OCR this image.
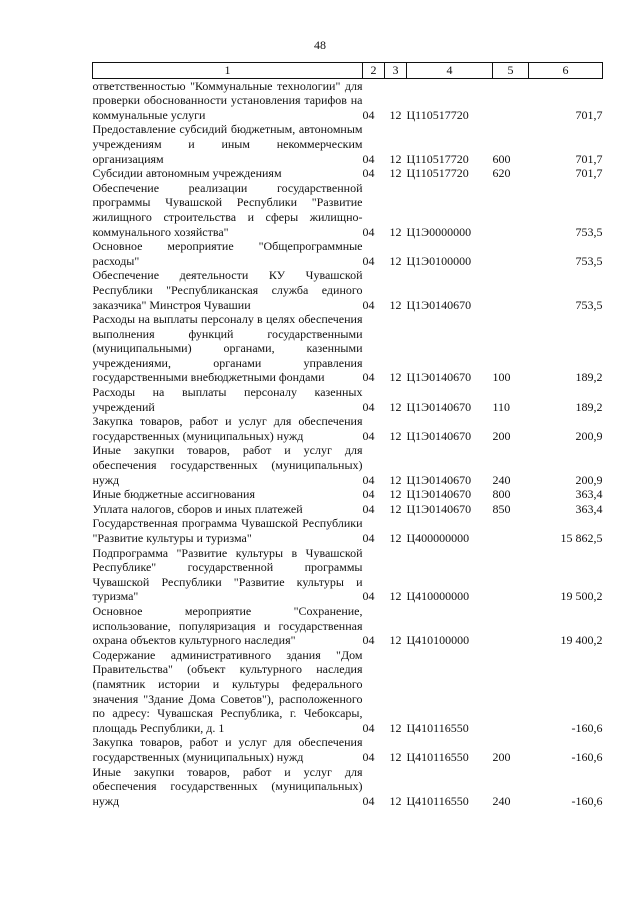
48
1	2	3	4	5	6
ответственностью "Коммунальные технологии" для проверки обоснованности установления тарифов на коммунальные услуги	04	12	Ц110517720		701,7
Предоставление субсидий бюджетным, автономным учреждениям и иным некоммерческим организациям	04	12	Ц110517720	600	701,7
Субсидии автономным учреждениям	04	12	Ц110517720	620	701,7
Обеспечение реализации государственной программы Чувашской Республики "Развитие жилищного строительства и сферы жилищно-коммунального хозяйства"	04	12	Ц1Э0000000		753,5
Основное мероприятие "Общепрограммные расходы"	04	12	Ц1Э0100000		753,5
Обеспечение деятельности КУ Чувашской Республики "Республиканская служба единого заказчика" Минстроя Чувашии	04	12	Ц1Э0140670		753,5
Расходы на выплаты персоналу в целях обеспечения выполнения функций государственными (муниципальными) органами, казенными учреждениями, органами управления государственными внебюджетными фондами	04	12	Ц1Э0140670	100	189,2
Расходы на выплаты персоналу казенных учреждений	04	12	Ц1Э0140670	110	189,2
Закупка товаров, работ и услуг для обеспечения государственных (муниципальных) нужд	04	12	Ц1Э0140670	200	200,9
Иные закупки товаров, работ и услуг для обеспечения государственных (муниципальных) нужд	04	12	Ц1Э0140670	240	200,9
Иные бюджетные ассигнования	04	12	Ц1Э0140670	800	363,4
Уплата налогов, сборов и иных платежей	04	12	Ц1Э0140670	850	363,4
Государственная программа Чувашской Республики "Развитие культуры и туризма"	04	12	Ц400000000		15 862,5
Подпрограмма "Развитие культуры в Чувашской Республике" государственной программы Чувашской Республики "Развитие культуры и туризма"	04	12	Ц410000000		19 500,2
Основное мероприятие "Сохранение, использование, популяризация и государственная охрана объектов культурного наследия"	04	12	Ц410100000		19 400,2
Содержание административного здания "Дом Правительства" (объект культурного наследия (памятник истории и культуры федерального значения "Здание Дома Советов"), расположенного по адресу: Чувашская Республика, г. Чебоксары, площадь Республики, д. 1	04	12	Ц410116550		-160,6
Закупка товаров, работ и услуг для обеспечения государственных (муниципальных) нужд	04	12	Ц410116550	200	-160,6
Иные закупки товаров, работ и услуг для обеспечения государственных (муниципальных) нужд	04	12	Ц410116550	240	-160,6
